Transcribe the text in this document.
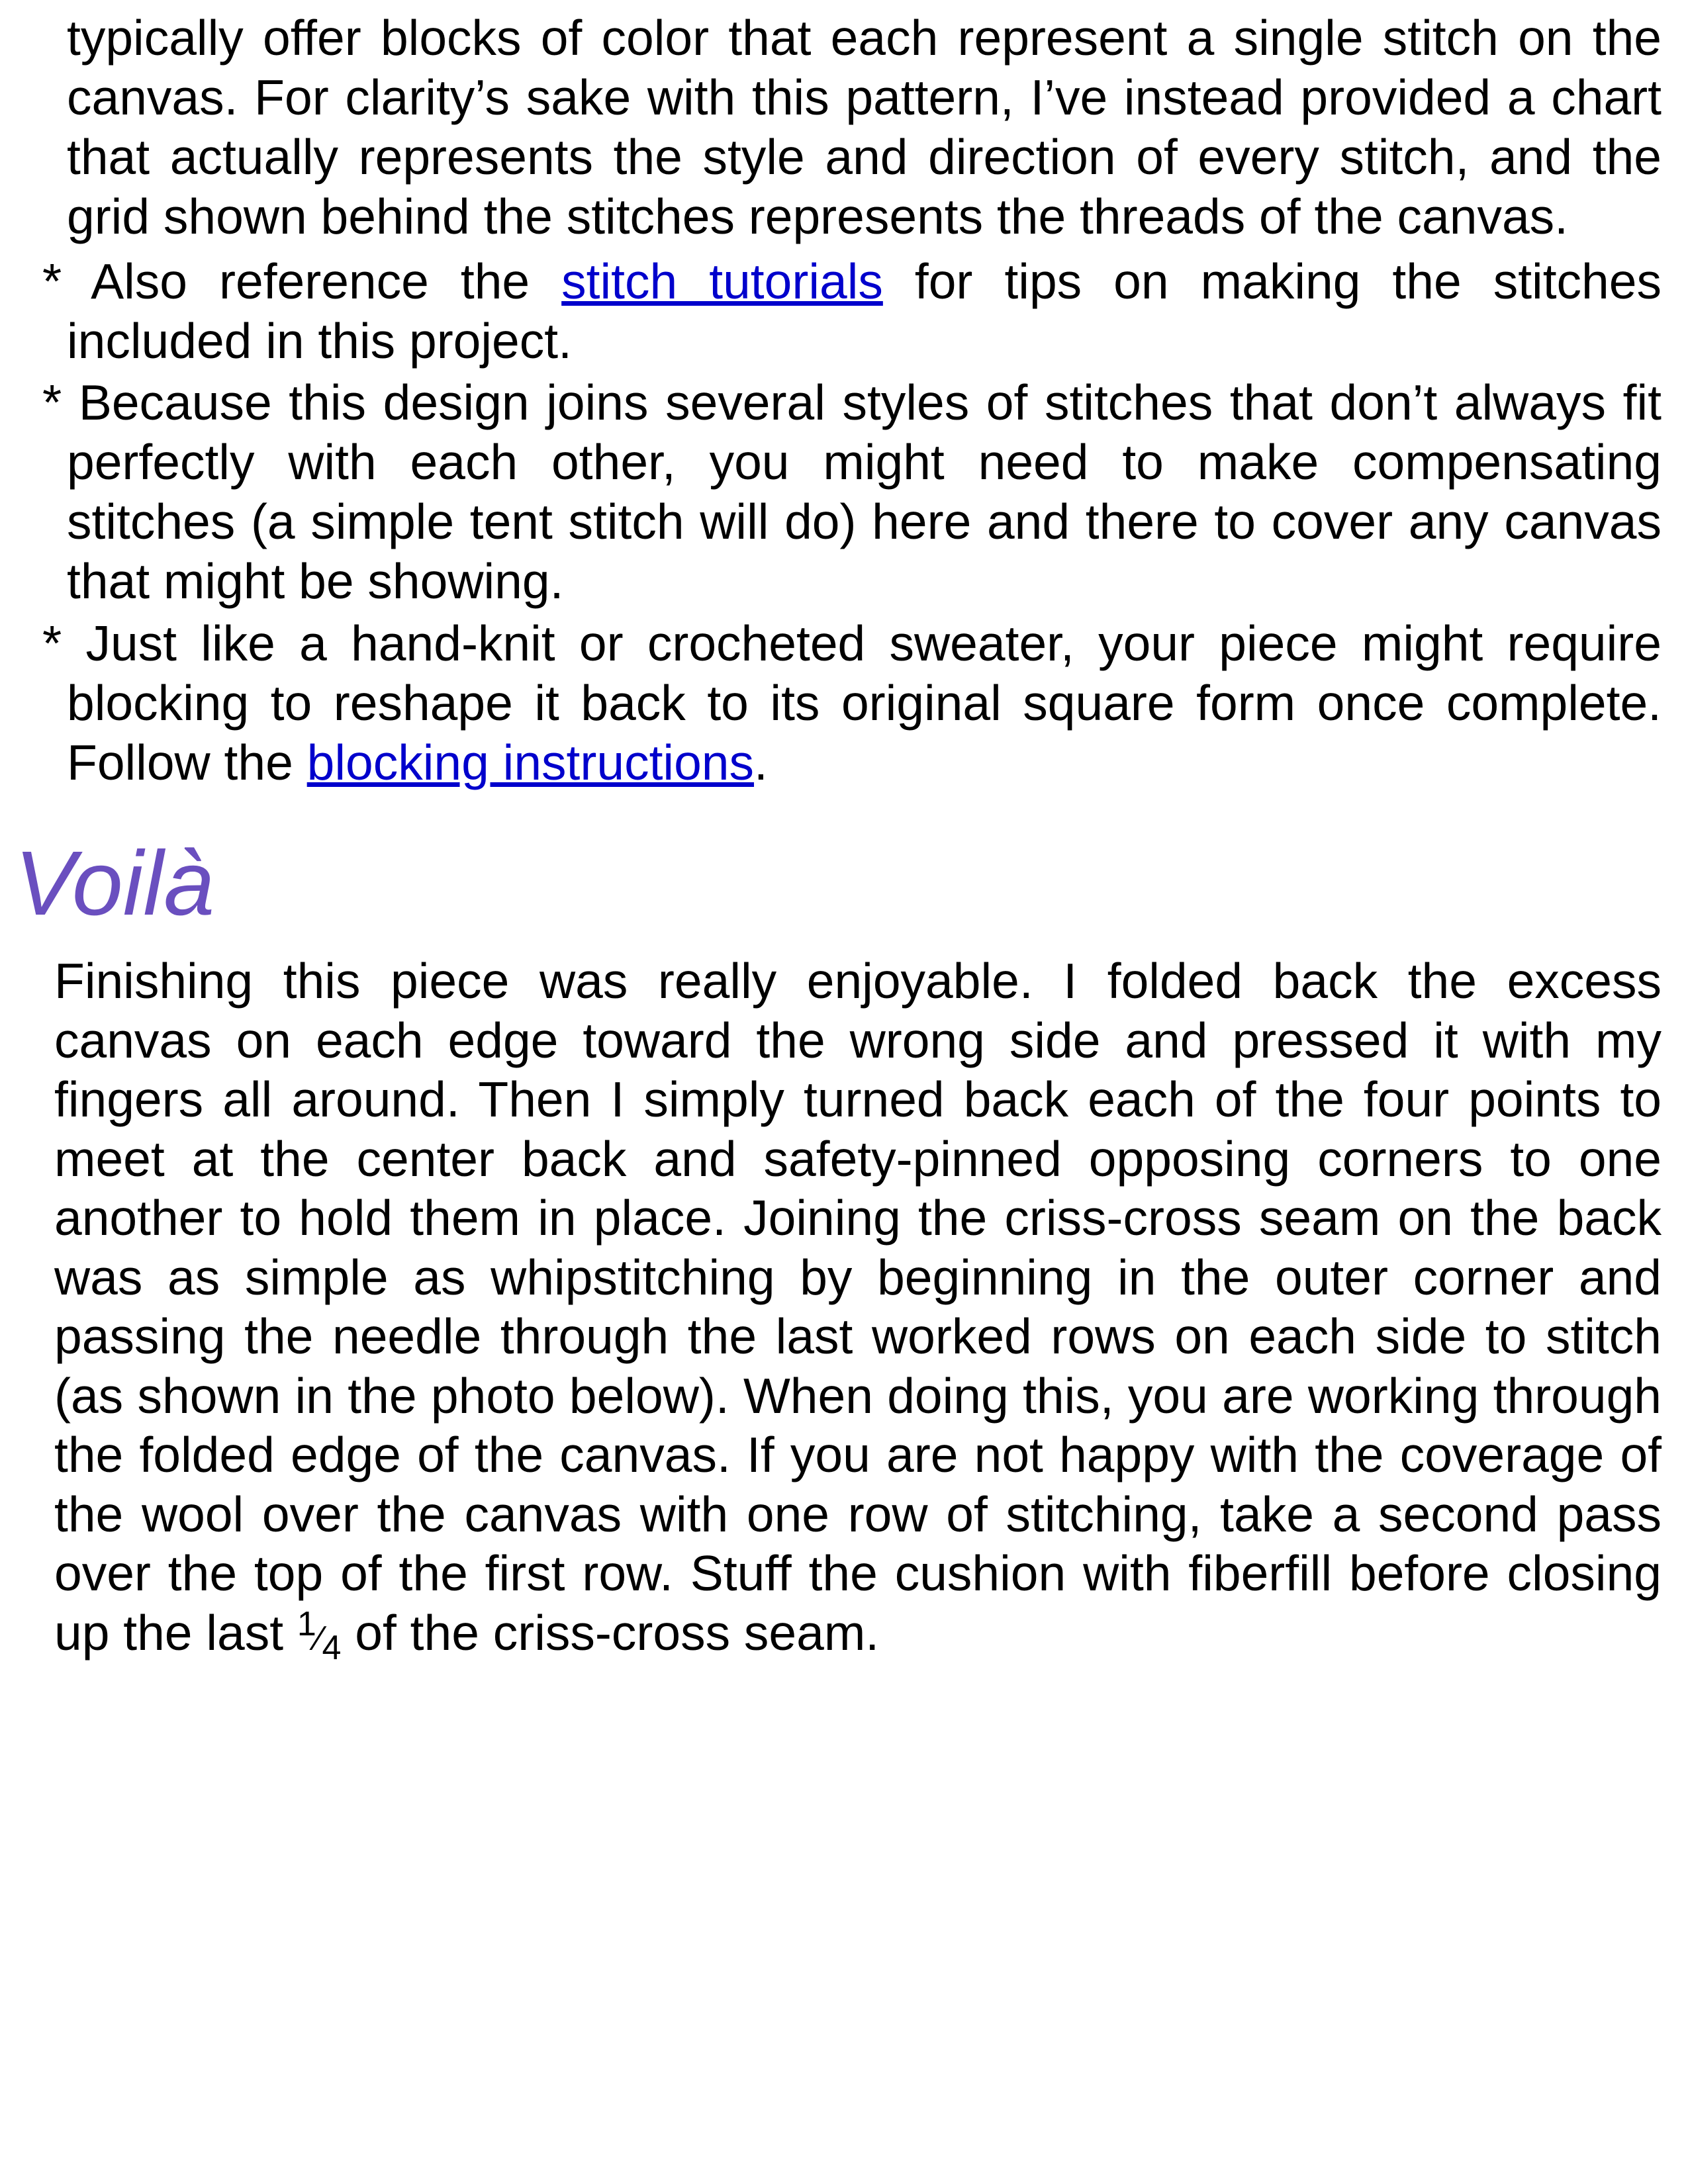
typically offer blocks of color that each represent a single stitch on the canvas. For clarity’s sake with this pattern, I’ve instead provided a chart that actually represents the style and direction of every stitch, and the grid shown behind the stitches represents the threads of the canvas.

* Also reference the stitch tutorials for tips on making the stitches included in this project.

* Because this design joins several styles of stitches that don’t always fit perfectly with each other, you might need to make compensating stitches (a simple tent stitch will do) here and there to cover any canvas that might be showing.

* Just like a hand-knit or crocheted sweater, your piece might require blocking to reshape it back to its original square form once complete. Follow the blocking instructions.

Voilà

Finishing this piece was really enjoyable. I folded back the excess canvas on each edge toward the wrong side and pressed it with my fingers all around. Then I simply turned back each of the four points to meet at the center back and safety-pinned opposing corners to one another to hold them in place. Joining the criss-cross seam on the back was as simple as whipstitching by beginning in the outer corner and passing the needle through the last worked rows on each side to stitch (as shown in the photo below). When doing this, you are working through the folded edge of the canvas. If you are not happy with the coverage of the wool over the canvas with one row of stitching, take a second pass over the top of the first row. Stuff the cushion with fiberfill before closing up the last 1⁄4 of the criss-cross seam.
